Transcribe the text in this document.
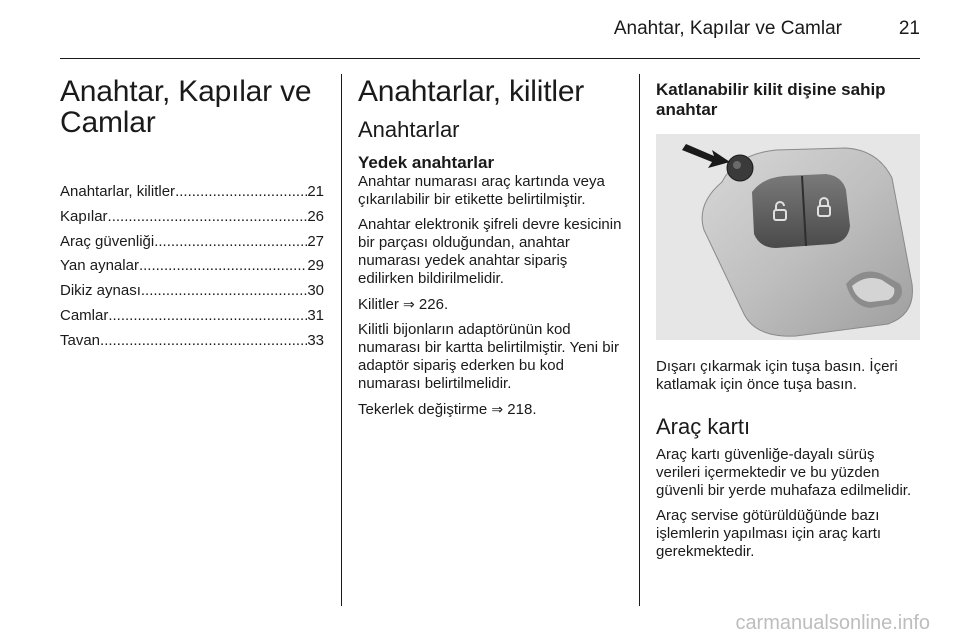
Anahtar, Kapılar ve Camlar	21
Anahtar, Kapılar ve Camlar
Anahtarlar, kilitler .....	21
Kapılar .....	26
Araç güvenliği .....	27
Yan aynalar .....	29
Dikiz aynası .....	30
Camlar .....	31
Tavan .....	33
Anahtarlar, kilitler
Anahtarlar
Yedek anahtarlar

Anahtar numarası araç kartında veya çıkarılabilir bir etikette belirtilmiştir.

Anahtar elektronik şifreli devre kesicinin bir parçası olduğundan, anahtar numarası yedek anahtar sipariş edilirken bildirilmelidir.

Kilitler ⇒ 226.

Kilitli bijonların adaptörünün kod numarası bir kartta belirtilmiştir. Yeni bir adaptör sipariş ederken bu kod numarası belirtilmelidir.

Tekerlek değiştirme ⇒ 218.

Katlanabilir kilit dişine sahip anahtar

Dışarı çıkarmak için tuşa basın. İçeri katlamak için önce tuşa basın.

Araç kartı

Araç kartı güvenliğe-dayalı sürüş verileri içermektedir ve bu yüzden güvenli bir yerde muhafaza edilmelidir.

Araç servise götürüldüğünde bazı işlemlerin yapılması için araç kartı gerekmektedir.

carmanualsonline.info
